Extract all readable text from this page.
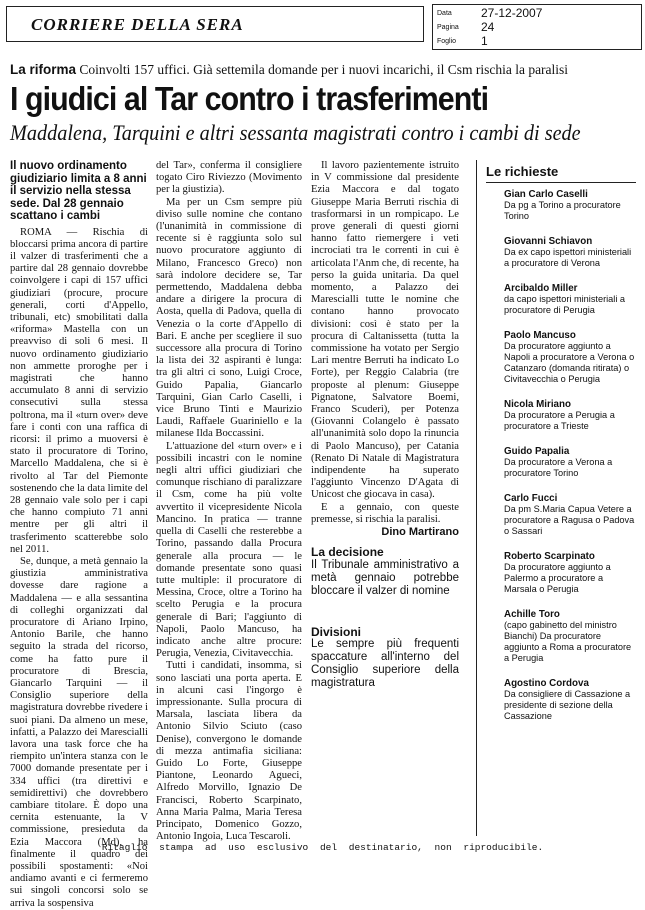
CORRIERE DELLA SERA
Data 27-12-2007
Pagina 24
Foglio 1
La riforma Coinvolti 157 uffici. Già settemila domande per i nuovi incarichi, il Csm rischia la paralisi
I giudici al Tar contro i trasferimenti
Maddalena, Tarquini e altri sessanta magistrati contro i cambi di sede
Il nuovo ordinamento giudiziario limita a 8 anni il servizio nella stessa sede. Dal 28 gennaio scattano i cambi

ROMA — Rischia di bloccarsi prima ancora di partire il valzer di trasferimenti che a partire dal 28 gennaio dovrebbe coinvolgere i capi di 157 uffici giudiziari (procure, procure generali, corti d'Appello, tribunali, etc) smobilitati dalla «riforma» Mastella con un preavviso di soli 6 mesi. Il nuovo ordinamento giudiziario non ammette proroghe per i magistrati che hanno accumulato 8 anni di servizio consecutivi sulla stessa poltrona, ma il «turn over» deve fare i conti con una raffica di ricorsi: il primo a muoversi è stato il procuratore di Torino, Marcello Maddalena, che si è rivolto al Tar del Piemonte sostenendo che la data limite del 28 gennaio vale solo per i capi che hanno compiuto 71 anni mentre per gli altri il trasferimento scatterebbe solo nel 2011.

Se, dunque, a metà gennaio la giustizia amministrativa dovesse dare ragione a Maddalena — e alla sessantina di colleghi organizzati dal procuratore di Ariano Irpino, Antonio Barile, che hanno seguito la strada del ricorso, come ha fatto pure il procuratore di Brescia, Giancarlo Tarquini — il Consiglio superiore della magistratura dovrebbe rivedere i suoi piani. Da almeno un mese, infatti, a Palazzo dei Marescialli lavora una task force che ha riempito un'intera stanza con le 7000 domande presentate per i 334 uffici (tra direttivi e semidirettivi) che dovrebbero cambiare titolare. È dopo una cernita estenuante, la V commissione, presieduta da Ezia Maccora (Md), ha finalmente il quadro dei possibili spostamenti: «Noi andiamo avanti e ci fermeremo sui singoli concorsi solo se arriva la sospensiva

del Tar», conferma il consigliere togato Ciro Riviezzo (Movimento per la giustizia).

Ma per un Csm sempre più diviso sulle nomine che contano (l'unanimità in commissione di recente si è raggiunta solo sul nuovo procuratore aggiunto di Milano, Francesco Greco) non sarà indolore decidere se, Tar permettendo, Maddalena debba andare a dirigere la procura di Aosta, quella di Padova, quella di Venezia o la corte d'Appello di Bari. E anche per scegliere il suo successore alla procura di Torino la lista dei 32 aspiranti è lunga: tra gli altri ci sono, Luigi Croce, Guido Papalia, Giancarlo Tarquini, Gian Carlo Caselli, i vice Bruno Tinti e Maurizio Laudi, Raffaele Guariniello e la milanese Ilda Boccassini.

L'attuazione del «turn over» e i possibili incastri con le nomine negli altri uffici giudiziari che comunque rischiano di paralizzare il Csm, come ha più volte avvertito il vicepresidente Nicola Mancino. In pratica — tranne quella di Caselli che resterebbe a Torino, passando dalla Procura generale alla procura — le domande presentate sono quasi tutte multiple: il procuratore di Messina, Croce, oltre a Torino ha scelto Perugia e la procura generale di Bari; l'aggiunto di Napoli, Paolo Mancuso, ha indicato anche altre procure: Perugia, Venezia, Civitavecchia.

Tutti i candidati, insomma, si sono lasciati una porta aperta. E in alcuni casi l'ingorgo è impressionante. Sulla procura di Marsala, lasciata libera da Antonio Silvio Sciuto (caso Denise), convergono le domande di mezza antimafia siciliana: Guido Lo Forte, Giuseppe Piantone, Leonardo Agueci, Alfredo Morvillo, Ignazio De Francisci, Roberto Scarpinato, Anna Maria Palma, Maria Teresa Principato, Domenico Gozzo, Antonio Ingoia, Luca Tescaroli.

Il lavoro pazientemente istruito in V commissione dal presidente Ezia Maccora e dal togato Giuseppe Maria Berruti rischia di trasformarsi in un rompicapo. Le prove generali di questi giorni hanno fatto riemergere i veti incrociati tra le correnti in cui è articolata l'Anm che, di recente, ha perso la guida unitaria. Da quel momento, a Palazzo dei Marescialli tutte le nomine che contano hanno provocato divisioni: così è stato per la procura di Caltanissetta (tutta la commissione ha votato per Sergio Lari mentre Berruti ha indicato Lo Forte), per Reggio Calabria (tre proposte al plenum: Giuseppe Pignatone, Salvatore Boemi, Franco Scuderi), per Potenza (Giovanni Colangelo è passato all'unanimità solo dopo la rinuncia di Paolo Mancuso), per Catania (Renato Di Natale di Magistratura indipendente ha superato l'aggiunto Vincenzo D'Agata di Unicost che giocava in casa).

E a gennaio, con queste premesse, si rischia la paralisi.

Dino Martirano
La decisione
Il Tribunale amministrativo a metà gennaio potrebbe bloccare il valzer di nomine
Divisioni
Le sempre più frequenti spaccature all'interno del Consiglio superiore della magistratura
Le richieste
Gian Carlo Caselli
Da pg a Torino a procuratore Torino
Giovanni Schiavon
Da ex capo ispettori ministeriali a procuratore di Verona
Arcibaldo Miller
da capo ispettori ministeriali a procuratore di Perugia
Paolo Mancuso
Da procuratore aggiunto a Napoli a procuratore a Verona o Catanzaro (domanda ritirata) o Civitavecchia o Perugia
Nicola Miriano
Da procuratore a Perugia a procuratore a Trieste
Guido Papalia
Da procuratore a Verona a procuratore Torino
Carlo Fucci
Da pm S.Maria Capua Vetere a procuratore a Ragusa o Padova o Sassari
Roberto Scarpinato
Da procuratore aggiunto a Palermo a procuratore a Marsala o Perugia
Achille Toro
(capo gabinetto del ministro Bianchi) Da procuratore aggiunto a Roma a procuratore a Perugia
Agostino Cordova
Da consigliere di Cassazione a presidente di sezione della Cassazione
Ritaglio stampa ad uso esclusivo del destinatario, non riproducibile.
